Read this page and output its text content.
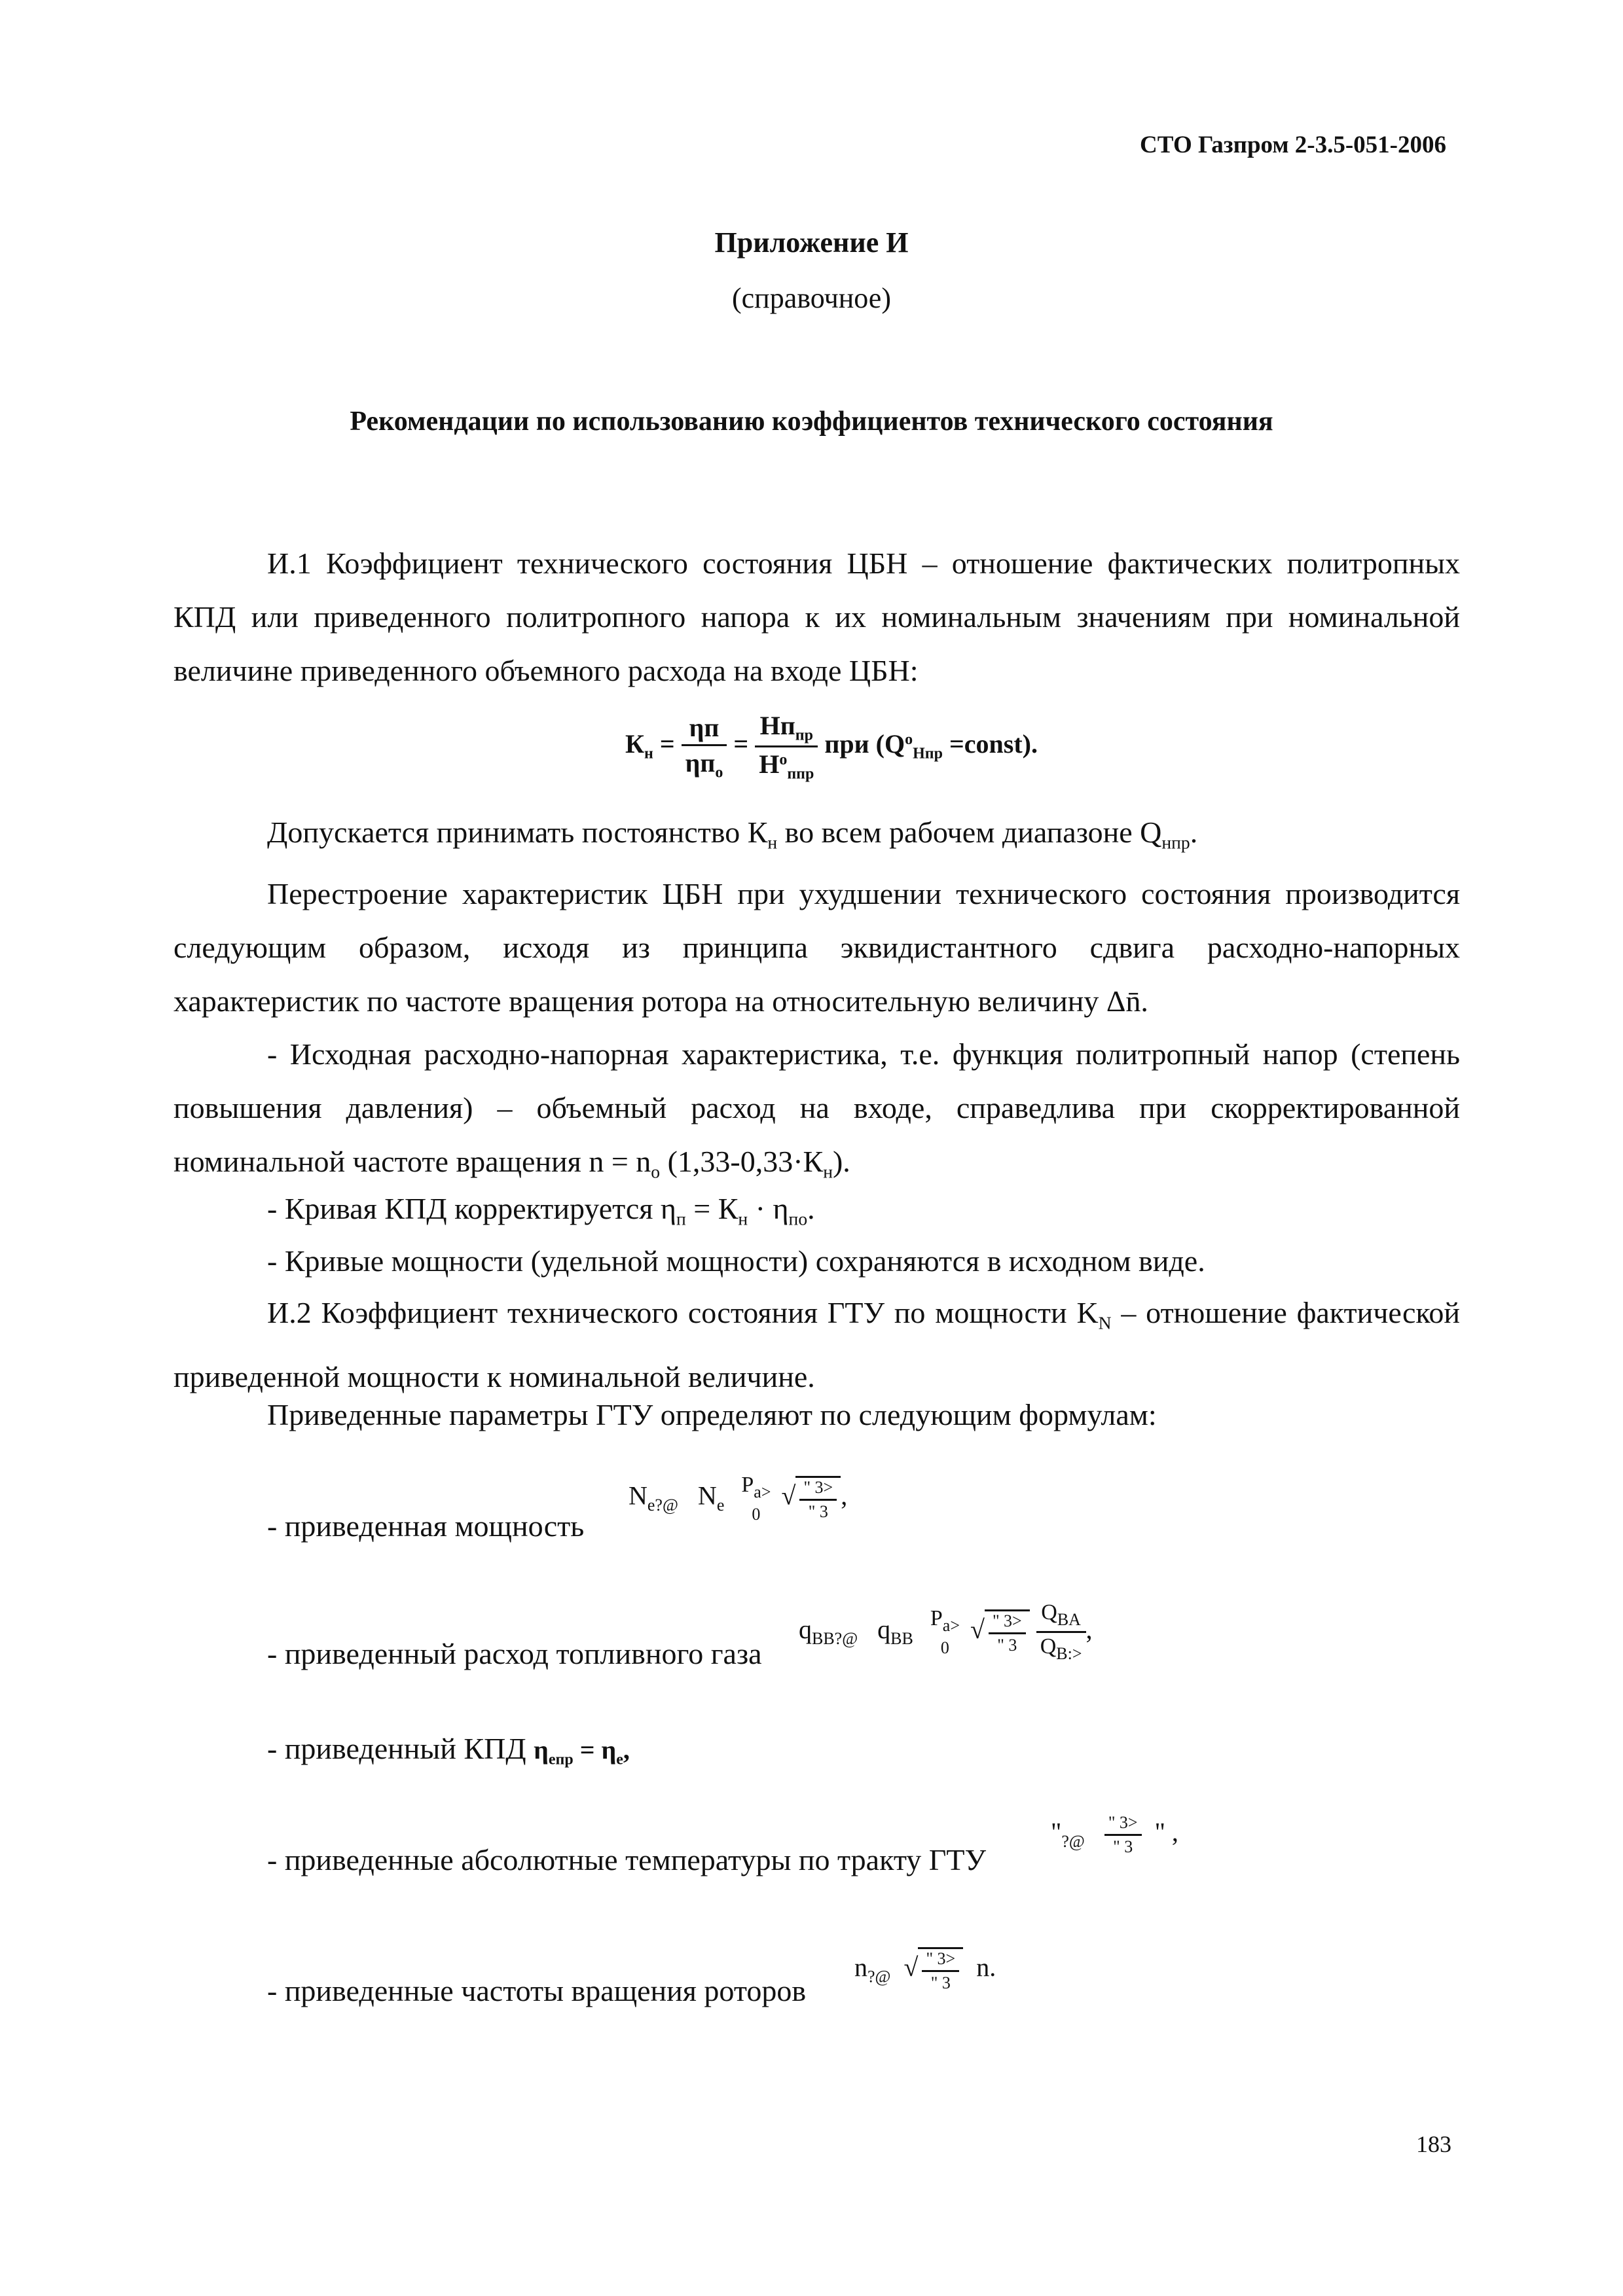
СТО Газпром 2-3.5-051-2006
Приложение И
(справочное)
Рекомендации по использованию коэффициентов технического состояния
И.1 Коэффициент технического состояния ЦБН – отношение фактических политропных КПД или приведенного политропного напора к их номинальным значениям при номинальной величине приведенного объемного расхода на входе ЦБН:
$К_н = \frac{\eta п}{\eta п_о} = \frac{Hп_{пр}}{H^о_{ппр}}$ при ($Q^о_{Hпр}$ =const).
Допускается принимать постоянство $К_н$ во всем рабочем диапазоне $Q_{нпр}$.
Перестроение характеристик ЦБН при ухудшении технического состояния производится следующим образом, исходя из принципа эквидистантного сдвига расходно-напорных характеристик по частоте вращения ротора на относительную величину Δn̄.
- Исходная расходно-напорная характеристика, т.е. функция политропный напор (степень повышения давления) – объемный расход на входе, справедлива при скорректированной номинальной частоте вращения $n = n_о$ $(1,33-0,33\cdot К_н)$.
- Кривая КПД корректируется $\eta_п = К_н \cdot \eta_{по}$.
- Кривые мощности (удельной мощности) сохраняются в исходном виде.
И.2 Коэффициент технического состояния ГТУ по мощности $K_N$ – отношение фактической приведенной мощности к номинальной величине.
Приведенные параметры ГТУ определяют по следующим формулам:
- приведенная мощность
$N_{e?@}$ $N_e$
$P_{a>}$
0
√ $\frac{" 3>}{" 3}$ ,
- приведенный расход топливного газа
$q_{BB?@}$ $q_{BB}$
$P_{a>}$
0
√ $\frac{" 3>}{" 3}$
$\frac{Q_{BA}}{Q_{B:>}}$ ,
- приведенный КПД $\eta_{eпр} = \eta_e$,
- приведенные абсолютные температуры по тракту ГТУ
"$_{?@} \frac{" 3>}{" 3}$ " ,
- приведенные частоты вращения роторов
$n_{?@}$  √ $\frac{" 3>}{" 3} n$.
183
